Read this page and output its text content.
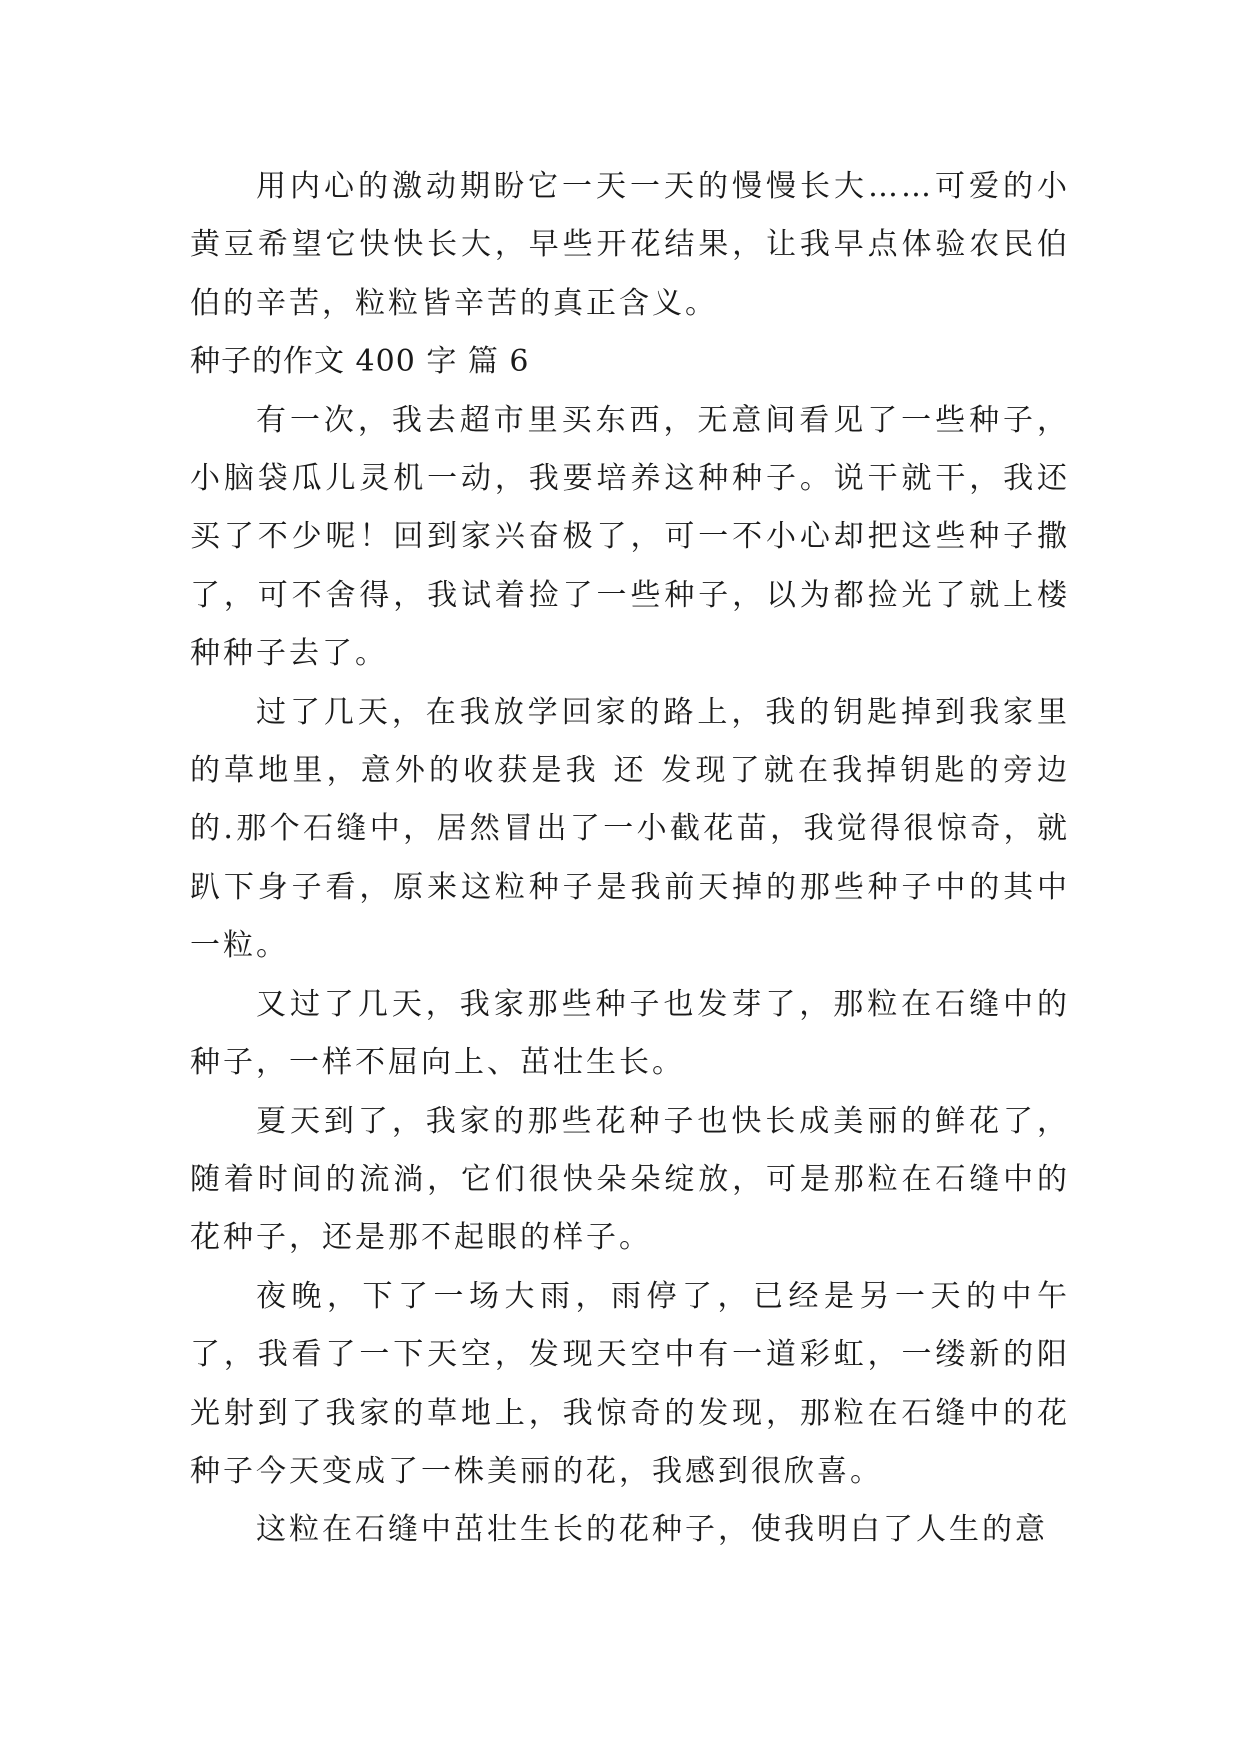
用内心的激动期盼它一天一天的慢慢长大……可爱的小黄豆希望它快快长大，早些开花结果，让我早点体验农民伯伯的辛苦，粒粒皆辛苦的真正含义。

种子的作文 400 字 篇 6

有一次，我去超市里买东西，无意间看见了一些种子，小脑袋瓜儿灵机一动，我要培养这种种子。说干就干，我还买了不少呢！回到家兴奋极了，可一不小心却把这些种子撒了，可不舍得，我试着捡了一些种子，以为都捡光了就上楼种种子去了。

过了几天，在我放学回家的路上，我的钥匙掉到我家里的草地里，意外的收获是我 还 发现了就在我掉钥匙的旁边的.那个石缝中，居然冒出了一小截花苗，我觉得很惊奇，就趴下身子看，原来这粒种子是我前天掉的那些种子中的其中一粒。

又过了几天，我家那些种子也发芽了，那粒在石缝中的种子，一样不屈向上、茁壮生长。

夏天到了，我家的那些花种子也快长成美丽的鲜花了，随着时间的流淌，它们很快朵朵绽放，可是那粒在石缝中的花种子，还是那不起眼的样子。

夜晚，下了一场大雨，雨停了，已经是另一天的中午了，我看了一下天空，发现天空中有一道彩虹，一缕新的阳光射到了我家的草地上，我惊奇的发现，那粒在石缝中的花种子今天变成了一株美丽的花，我感到很欣喜。

这粒在石缝中茁壮生长的花种子，使我明白了人生的意
